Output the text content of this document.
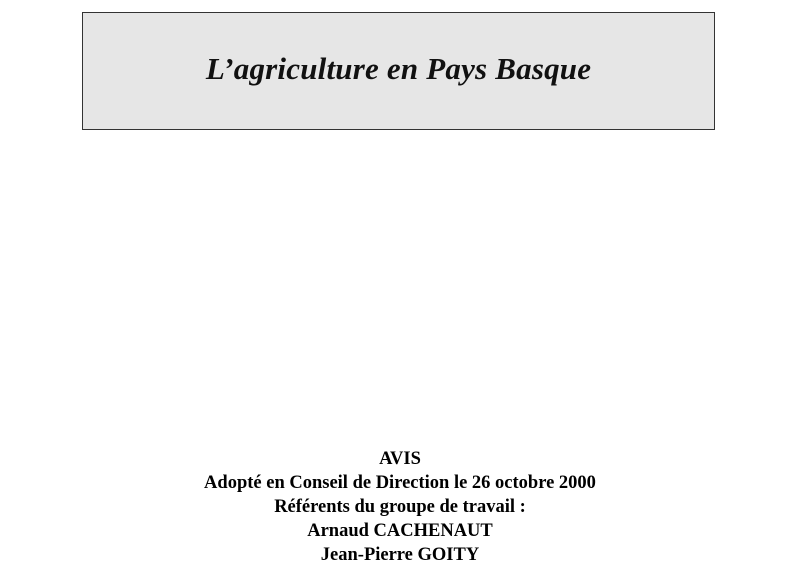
L’agriculture en Pays Basque
AVIS
Adopté en Conseil de Direction le 26 octobre 2000
Référents du groupe de travail :
Arnaud CACHENAUT
Jean-Pierre GOITY
